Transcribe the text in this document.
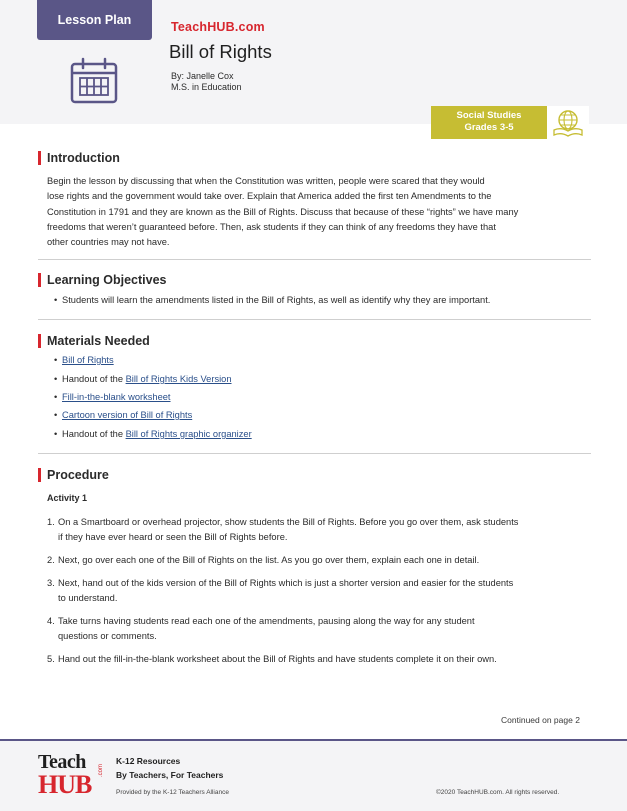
Lesson Plan	TeachHUB.com
Bill of Rights
By: Janelle Cox
M.S. in Education
Social Studies
Grades 3-5
Introduction
Begin the lesson by discussing that when the Constitution was written, people were scared that they would
lose rights and the government would take over. Explain that America added the first ten Amendments to the
Constitution in 1791 and they are known as the Bill of Rights. Discuss that because of these “rights” we have many
freedoms that weren’t guaranteed before. Then, ask students if they can think of any freedoms they have that
other countries may not have.
Learning Objectives
• Students will learn the amendments listed in the Bill of Rights, as well as identify why they are important.
Materials Needed
• Bill of Rights
• Handout of the Bill of Rights Kids Version
• Fill-in-the-blank worksheet
• Cartoon version of Bill of Rights
• Handout of the Bill of Rights graphic organizer
Procedure
Activity 1
1. On a Smartboard or overhead projector, show students the Bill of Rights. Before you go over them, ask students
if they have ever heard or seen the Bill of Rights before.
2. Next, go over each one of the Bill of Rights on the list. As you go over them, explain each one in detail.
3. Next, hand out of the kids version of the Bill of Rights which is just a shorter version and easier for the students
to understand.
4. Take turns having students read each one of the amendments, pausing along the way for any student
questions or comments.
5. Hand out the fill-in-the-blank worksheet about the Bill of Rights and have students complete it on their own.
Continued on page 2
Teach
HUB .com
K-12 Resources
By Teachers, For Teachers
Provided by the K-12 Teachers Alliance	©2020 TeachHUB.com. All rights reserved.
